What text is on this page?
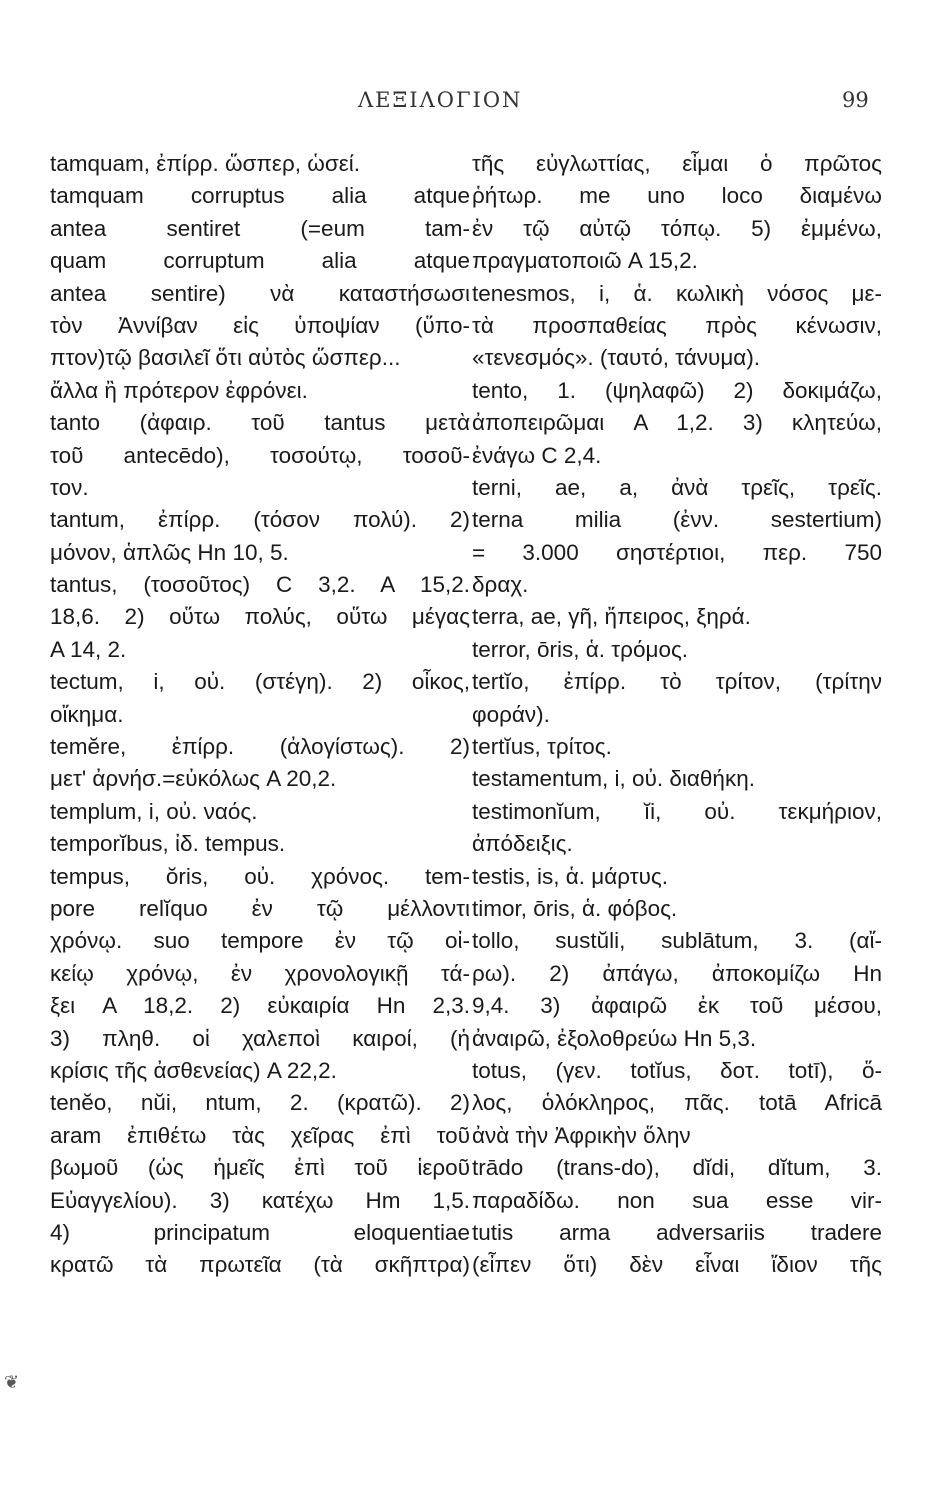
ΛΕΞΙΛΟΓΙΟΝ	99
tamquam, ἐπίρρ. ὥσπερ, ὡσεί.
tamquam corruptus alia atque
antea sentiret (=eum tam-
quam corruptum alia atque
antea sentire) νὰ καταστήσωσι
τὸν Ἀννίβαν εἰς ὑποψίαν (ὕπο-
πτον)τῷ βασιλεῖ ὅτι αὐτὸς ὥσπερ...
ἄλλα ἢ πρότερον ἐφρόνει.
tanto (ἀφαιρ. τοῦ tantus μετὰ
τοῦ antecēdo), τοσούτῳ, τοσοῦ-
τον.
tantum, ἐπίρρ. (τόσον πολύ). 2)
μόνον, ἁπλῶς Hn 10, 5.
tantus, (τοσοῦτος) C 3,2. A 15,2.
18,6. 2) οὕτω πολύς, οὕτω μέγας
A 14, 2.
tectum, i, οὐ. (στέγη). 2) οἶκος,
οἴκημα.
temĕre, ἐπίρρ. (ἀλογίστως). 2)
μετ' ἀρνήσ.=εὐκόλως A 20,2.
templum, i, οὐ. ναός.
temporĭbus, ἰδ. tempus.
tempus, ŏris, οὐ. χρόνος. tem-
pore relĭquo ἐν τῷ μέλλοντι
χρόνῳ. suo tempore ἐν τῷ οἰ-
κείῳ χρόνῳ, ἐν χρονολογικῇ τά-
ξει A 18,2. 2) εὐκαιρία Hn 2,3.
3) πληθ. οἱ χαλεποὶ καιροί, (ἡ
κρίσις τῆς ἀσθενείας) A 22,2.
tenĕo, nŭi, ntum, 2. (κρατῶ). 2)
aram ἐπιθέτω τὰς χεῖρας ἐπὶ τοῦ
βωμοῦ (ὡς ἡμεῖς ἐπὶ τοῦ ἱεροῦ
Εὐαγγελίου). 3) κατέχω Hm 1,5.
4) principatum eloquentiae
κρατῶ τὰ πρωτεῖα (τὰ σκῆπτρα)
τῆς εὐγλωττίας, εἶμαι ὁ πρῶτος
ῥήτωρ. me uno loco διαμένω
ἐν τῷ αὐτῷ τόπῳ. 5) ἐμμένω,
πραγματοποιῶ A 15,2.
tenesmos, i, ἁ. κωλικὴ νόσος με-
τὰ προσπαθείας πρὸς κένωσιν,
«τενεσμός». (ταυτό, τάνυμα).
tento, 1. (ψηλαφῶ) 2) δοκιμάζω,
ἀποπειρῶμαι A 1,2. 3) κλητεύω,
ἐνάγω C 2,4.
terni, ae, a, ἀνὰ τρεῖς, τρεῖς.
terna milia (ἐνν. sestertium)
= 3.000 σηστέρτιοι, περ. 750
δραχ.
terra, ae, γῆ, ἤπειρος, ξηρά.
terror, ōris, ἁ. τρόμος.
tertĭo, ἐπίρρ. τὸ τρίτον, (τρίτην
φοράν).
tertĭus, τρίτος.
testamentum, i, οὐ. διαθήκη.
testimonĭum, ĭi, οὐ. τεκμήριον,
ἀπόδειξις.
testis, is, ἁ. μάρτυς.
timor, ōris, ἁ. φόβος.
tollo, sustŭli, sublātum, 3. (αἴ-
ρω). 2) ἀπάγω, ἀποκομίζω Hn
9,4. 3) ἀφαιρῶ ἐκ τοῦ μέσου,
ἀναιρῶ, ἐξολοθρεύω Hn 5,3.
totus, (γεν. totĭus, δοτ. totī), ὅ-
λος, ὁλόκληρος, πᾶς. totā Africā
ἀνὰ τὴν Ἀφρικὴν ὅλην
trādo (trans-do), dĭdi, dĭtum, 3.
παραδίδω. non sua esse vir-
tutis arma adversariis tradere
(εἶπεν ὅτι) δὲν εἶναι ἴδιον τῆς
❦
